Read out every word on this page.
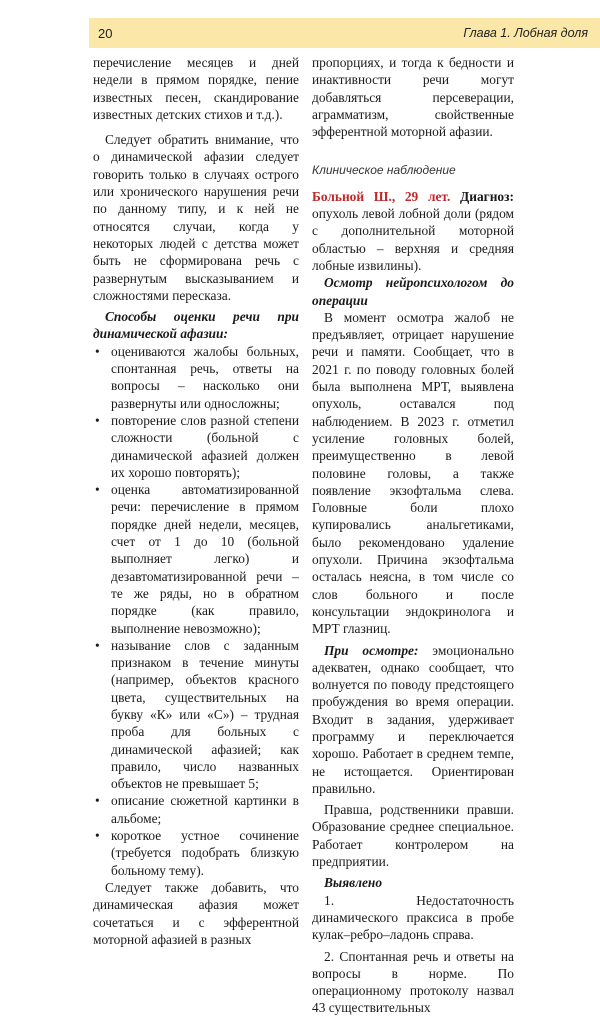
20	Глава 1. Лобная доля

перечисление месяцев и дней недели в прямом порядке, пение известных песен, скандирование известных детских стихов и т.д.).

Следует обратить внимание, что о динамической афазии следует говорить только в случаях острого или хронического нарушения речи по данному типу, и к ней не относятся случаи, когда у некоторых людей с детства может быть не сформирована речь с развернутым высказыванием и сложностями пересказа.

Способы оценки речи при динамической афазии:

• оцениваются жалобы больных, спонтанная речь, ответы на вопросы – насколько они развернуты или односложны;
• повторение слов разной степени сложности (больной с динамической афазией должен их хорошо повторять);
• оценка автоматизированной речи: перечисление в прямом порядке дней недели, месяцев, счет от 1 до 10 (больной выполняет легко) и дезавтоматизированной речи – те же ряды, но в обратном порядке (как правило, выполнение невозможно);
• называние слов с заданным признаком в течение минуты (например, объектов красного цвета, существительных на букву «К» или «С») – трудная проба для больных с динамической афазией; как правило, число названных объектов не превышает 5;
• описание сюжетной картинки в альбоме;
• короткое устное сочинение (требуется подобрать близкую больному тему).

Следует также добавить, что динамическая афазия может сочетаться и с эфферентной моторной афазией в разных

пропорциях, и тогда к бедности и инактивности речи могут добавляться персеверации, аграмматизм, свойственные эфферентной моторной афазии.

Клиническое наблюдение

Больной Ш., 29 лет. Диагноз: опухоль левой лобной доли (рядом с дополнительной моторной областью – верхняя и средняя лобные извилины).

Осмотр нейропсихологом до операции

В момент осмотра жалоб не предъявляет, отрицает нарушение речи и памяти. Сообщает, что в 2021 г. по поводу головных болей была выполнена МРТ, выявлена опухоль, оставался под наблюдением. В 2023 г. отметил усиление головных болей, преимущественно в левой половине головы, а также появление экзофтальма слева. Головные боли плохо купировались анальгетиками, было рекомендовано удаление опухоли. Причина экзофтальма осталась неясна, в том числе со слов больного и после консультации эндокринолога и МРТ глазниц.

При осмотре: эмоционально адекватен, однако сообщает, что волнуется по поводу предстоящего пробуждения во время операции. Входит в задания, удерживает программу и переключается хорошо. Работает в среднем темпе, не истощается. Ориентирован правильно.

Правша, родственники правши. Образование среднее специальное. Работает контролером на предприятии.

Выявлено

1. Недостаточность динамического праксиса в пробе кулак–ребро–ладонь справа.

2. Спонтанная речь и ответы на вопросы в норме. По операционному протоколу назвал 43 существительных
